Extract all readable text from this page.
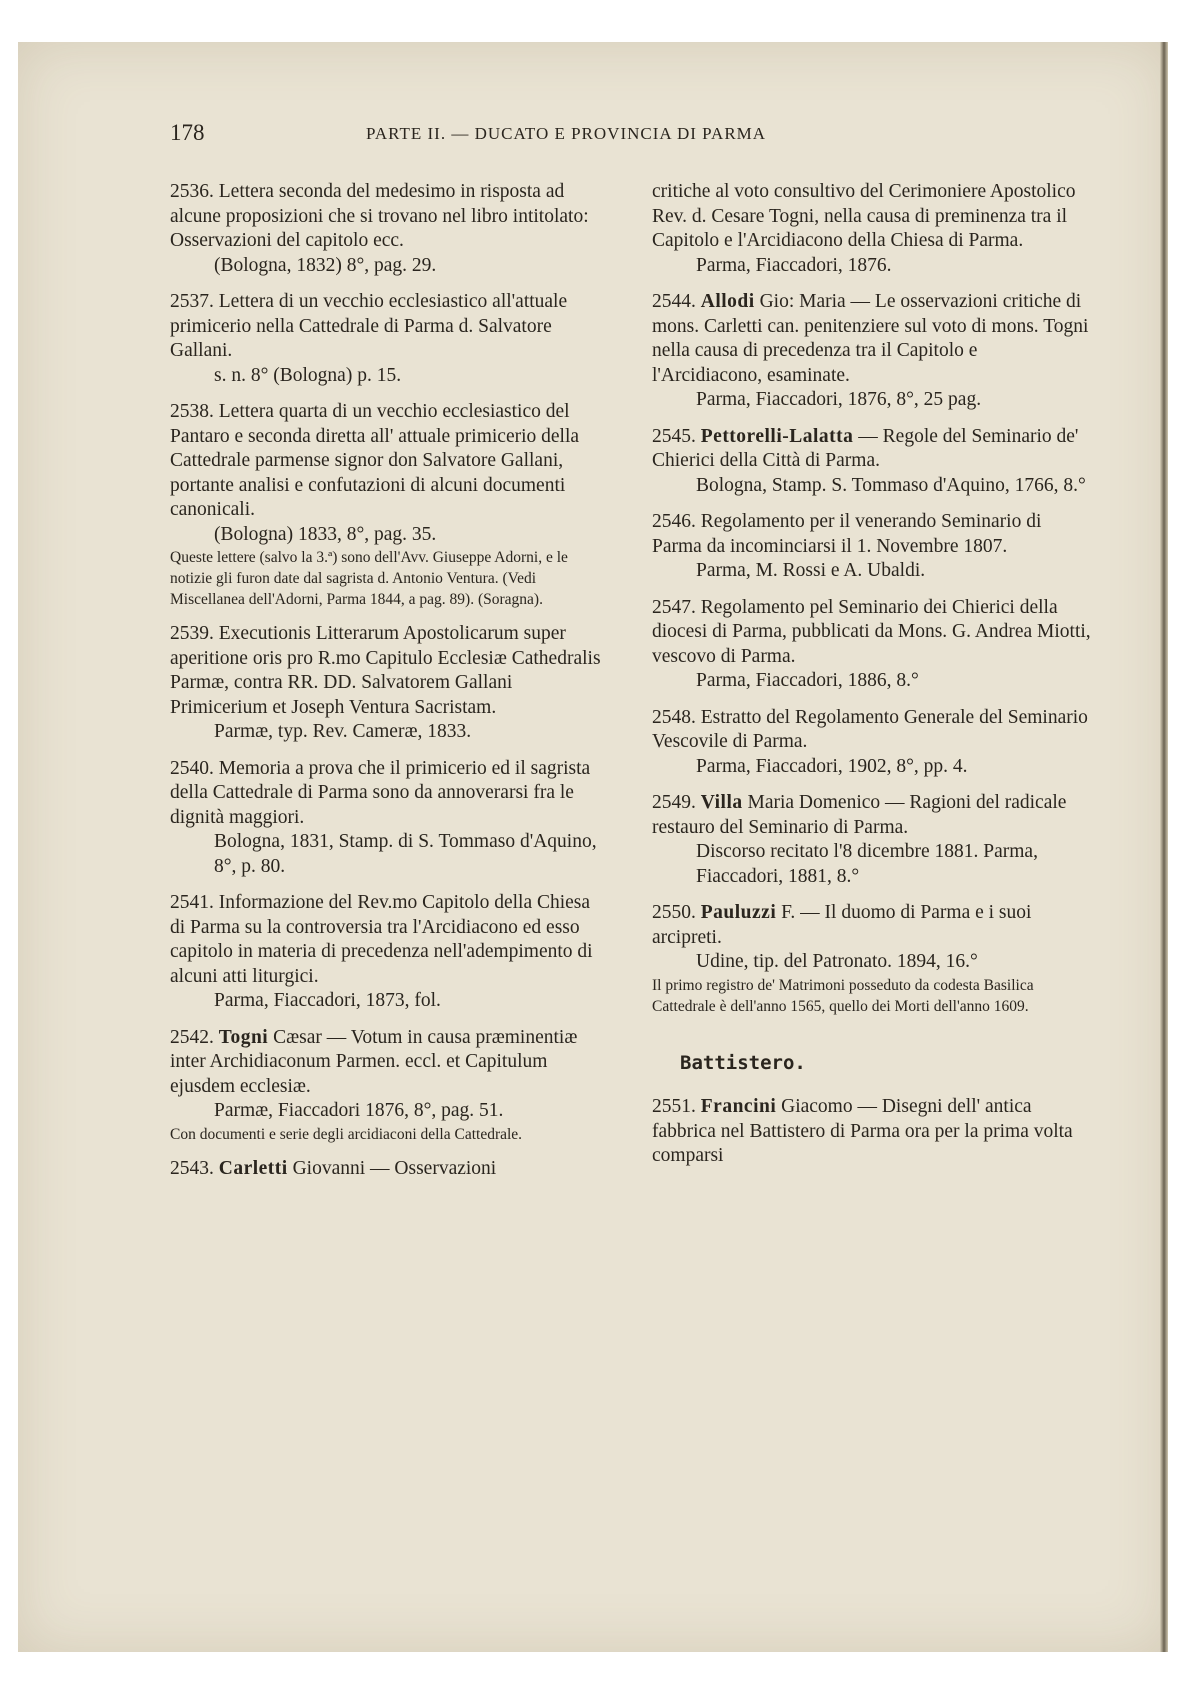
178	PARTE II. — DUCATO E PROVINCIA DI PARMA

2536. Lettera seconda del medesimo in risposta ad alcune proposizioni che si trovano nel libro intitolato: Osservazioni del capitolo ecc.

(Bologna, 1832) 8°, pag. 29.

2537. Lettera di un vecchio ecclesiastico all'attuale primicerio nella Cattedrale di Parma d. Salvatore Gallani.

s. n. 8° (Bologna) p. 15.

2538. Lettera quarta di un vecchio ecclesiastico del Pantaro e seconda diretta all' attuale primicerio della Cattedrale parmense signor don Salvatore Gallani, portante analisi e confutazioni di alcuni documenti canonicali.

(Bologna) 1833, 8°, pag. 35.

Queste lettere (salvo la 3.ª) sono dell'Avv. Giuseppe Adorni, e le notizie gli furon date dal sagrista d. Antonio Ventura. (Vedi Miscellanea dell'Adorni, Parma 1844, a pag. 89). (Soragna).

2539. Executionis Litterarum Apostolicarum super aperitione oris pro R.mo Capitulo Ecclesiæ Cathedralis Parmæ, contra RR. DD. Salvatorem Gallani Primicerium et Joseph Ventura Sacristam.

Parmæ, typ. Rev. Cameræ, 1833.

2540. Memoria a prova che il primicerio ed il sagrista della Cattedrale di Parma sono da annoverarsi fra le dignità maggiori.

Bologna, 1831, Stamp. di S. Tommaso d'Aquino, 8°, p. 80.

2541. Informazione del Rev.mo Capitolo della Chiesa di Parma su la controversia tra l'Arcidiacono ed esso capitolo in materia di precedenza nell'adempimento di alcuni atti liturgici.

Parma, Fiaccadori, 1873, fol.

2542. Togni Cæsar — Votum in causa præminentiæ inter Archidiaconum Parmen. eccl. et Capitulum ejusdem ecclesiæ.

Parmæ, Fiaccadori 1876, 8°, pag. 51.

Con documenti e serie degli arcidiaconi della Cattedrale.

2543. Carletti Giovanni — Osservazioni

critiche al voto consultivo del Cerimoniere Apostolico Rev. d. Cesare Togni, nella causa di preminenza tra il Capitolo e l'Arcidiacono della Chiesa di Parma.

Parma, Fiaccadori, 1876.

2544. Allodi Gio: Maria — Le osservazioni critiche di mons. Carletti can. penitenziere sul voto di mons. Togni nella causa di precedenza tra il Capitolo e l'Arcidiacono, esaminate.

Parma, Fiaccadori, 1876, 8°, 25 pag.

2545. Pettorelli-Lalatta — Regole del Seminario de' Chierici della Città di Parma.

Bologna, Stamp. S. Tommaso d'Aquino, 1766, 8.°

2546. Regolamento per il venerando Seminario di Parma da incominciarsi il 1. Novembre 1807.

Parma, M. Rossi e A. Ubaldi.

2547. Regolamento pel Seminario dei Chierici della diocesi di Parma, pubblicati da Mons. G. Andrea Miotti, vescovo di Parma.

Parma, Fiaccadori, 1886, 8.°

2548. Estratto del Regolamento Generale del Seminario Vescovile di Parma.

Parma, Fiaccadori, 1902, 8°, pp. 4.

2549. Villa Maria Domenico — Ragioni del radicale restauro del Seminario di Parma.

Discorso recitato l'8 dicembre 1881. Parma, Fiaccadori, 1881, 8.°

2550. Pauluzzi F. — Il duomo di Parma e i suoi arcipreti.

Udine, tip. del Patronato. 1894, 16.°

Il primo registro de' Matrimoni posseduto da codesta Basilica Cattedrale è dell'anno 1565, quello dei Morti dell'anno 1609.

Battistero.

2551. Francini Giacomo — Disegni dell' antica fabbrica nel Battistero di Parma ora per la prima volta comparsi
